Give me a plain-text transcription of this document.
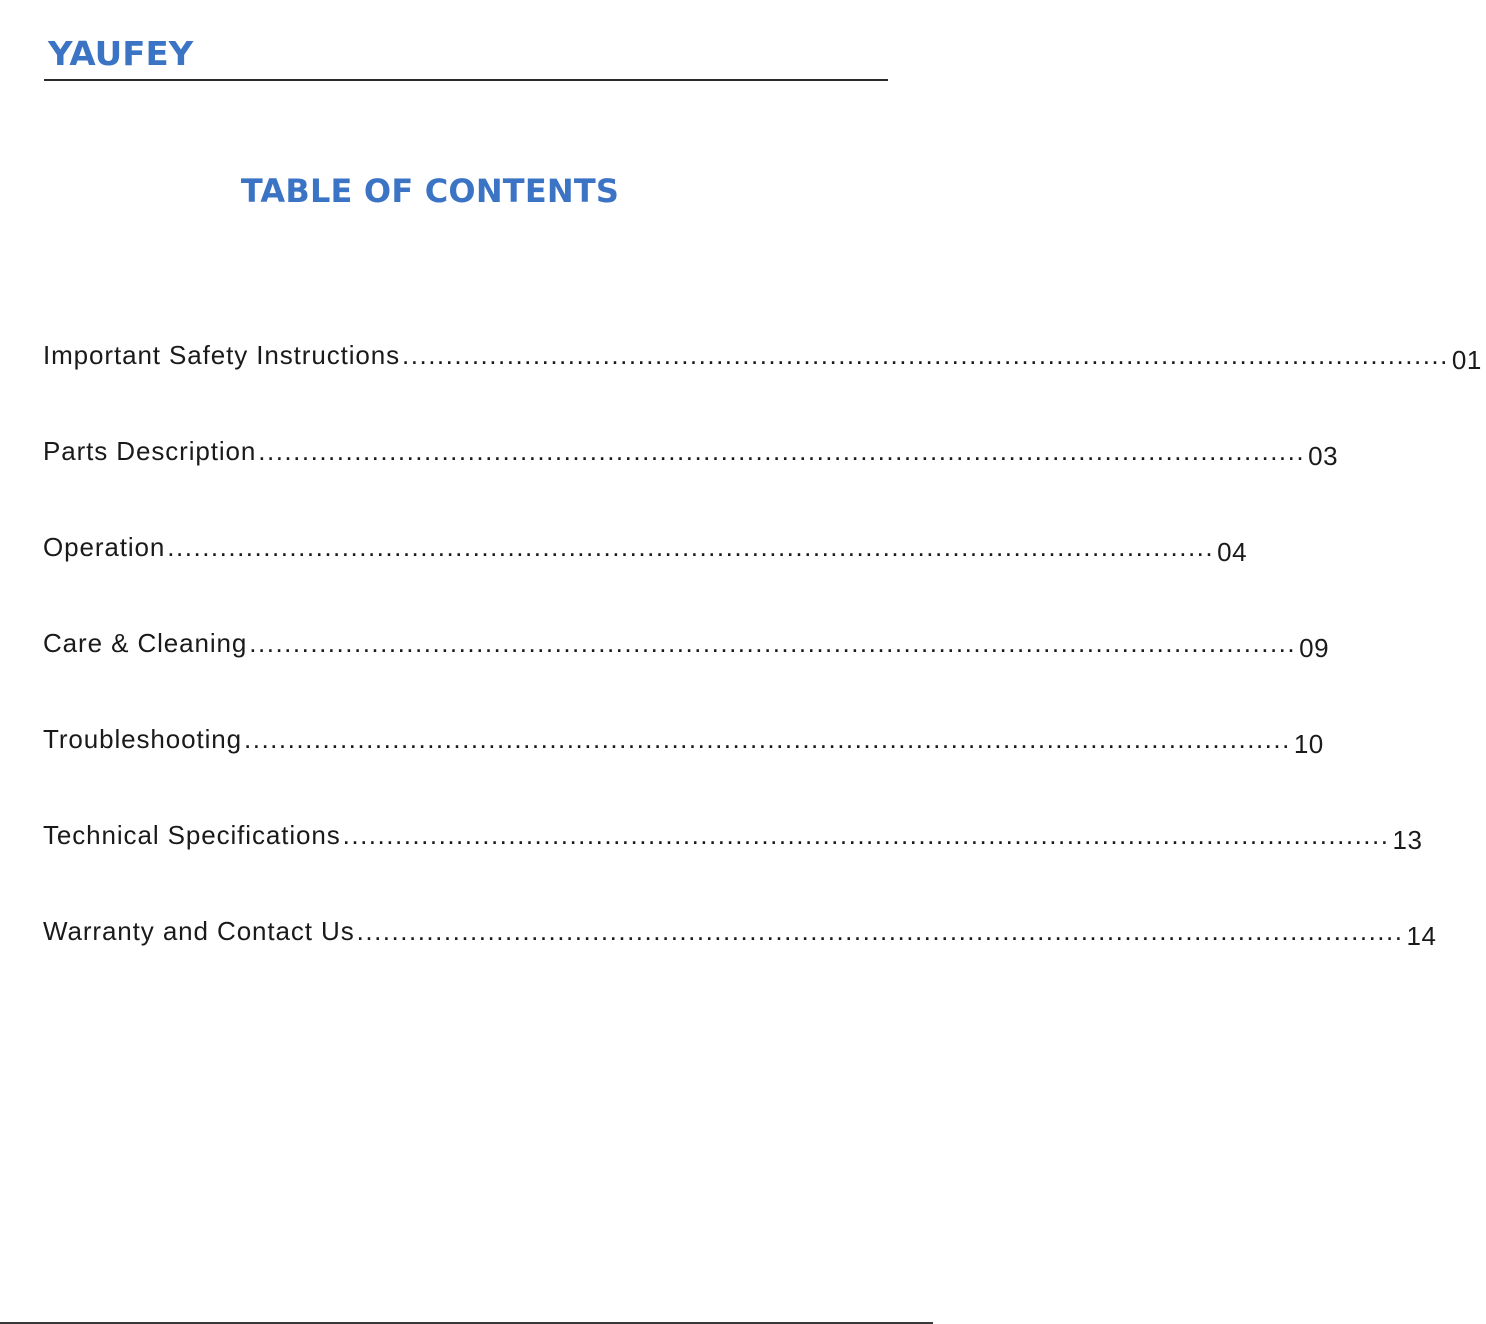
YAUFEY
TABLE OF CONTENTS
Important Safety Instructions ........................................................................................................................ 01
Parts Description ........................................................................................................................ 03
Operation ........................................................................................................................ 04
Care & Cleaning ........................................................................................................................ 09
Troubleshooting ........................................................................................................................ 10
Technical Specifications ........................................................................................................................ 13
Warranty and Contact Us ........................................................................................................................ 14
